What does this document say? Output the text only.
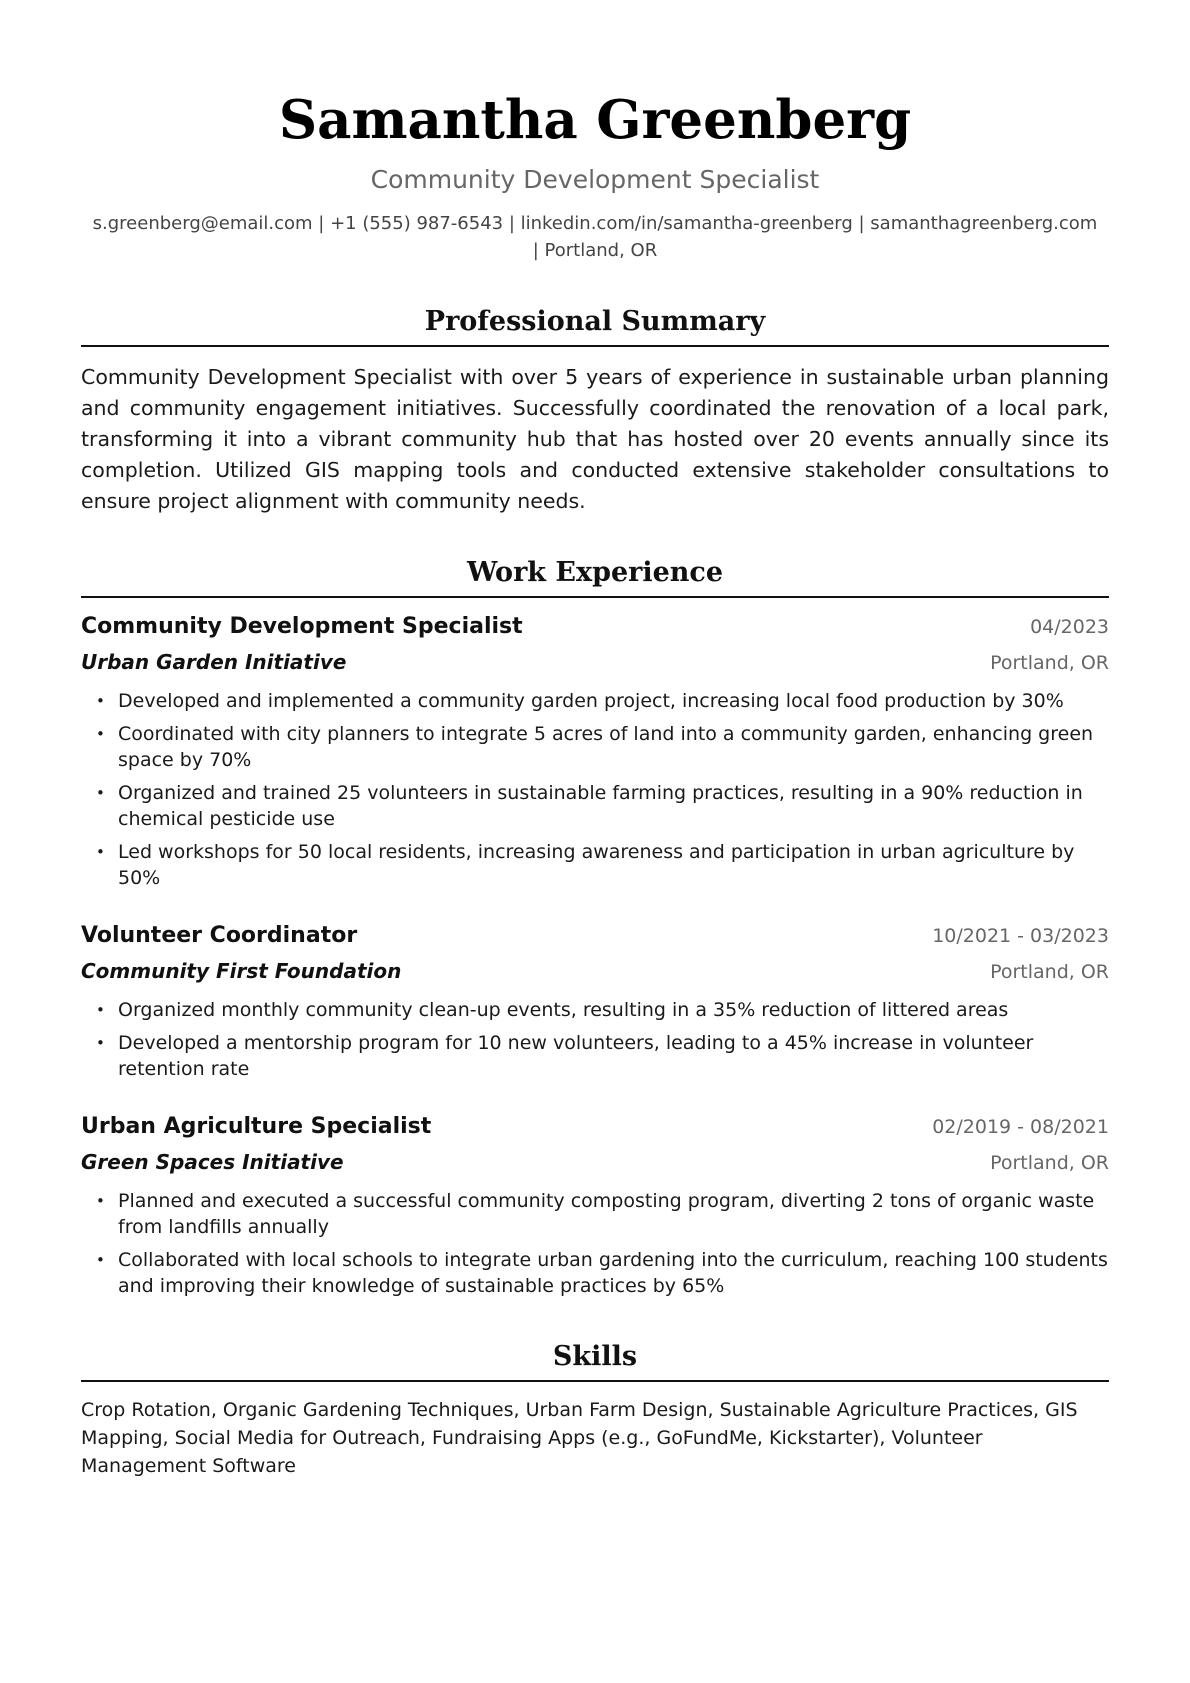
Samantha Greenberg
Community Development Specialist
s.greenberg@email.com | +1 (555) 987-6543 | linkedin.com/in/samantha-greenberg | samanthagreenberg.com
| Portland, OR
Professional Summary
Community Development Specialist with over 5 years of experience in sustainable urban planning and community engagement initiatives. Successfully coordinated the renovation of a local park, transforming it into a vibrant community hub that has hosted over 20 events annually since its completion. Utilized GIS mapping tools and conducted extensive stakeholder consultations to ensure project alignment with community needs.
Work Experience
Community Development Specialist	04/2023
Urban Garden Initiative	Portland, OR
• Developed and implemented a community garden project, increasing local food production by 30%
• Coordinated with city planners to integrate 5 acres of land into a community garden, enhancing green space by 70%
• Organized and trained 25 volunteers in sustainable farming practices, resulting in a 90% reduction in chemical pesticide use
• Led workshops for 50 local residents, increasing awareness and participation in urban agriculture by 50%
Volunteer Coordinator	10/2021 - 03/2023
Community First Foundation	Portland, OR
• Organized monthly community clean-up events, resulting in a 35% reduction of littered areas
• Developed a mentorship program for 10 new volunteers, leading to a 45% increase in volunteer retention rate
Urban Agriculture Specialist	02/2019 - 08/2021
Green Spaces Initiative	Portland, OR
• Planned and executed a successful community composting program, diverting 2 tons of organic waste from landfills annually
• Collaborated with local schools to integrate urban gardening into the curriculum, reaching 100 students and improving their knowledge of sustainable practices by 65%
Skills
Crop Rotation, Organic Gardening Techniques, Urban Farm Design, Sustainable Agriculture Practices, GIS Mapping, Social Media for Outreach, Fundraising Apps (e.g., GoFundMe, Kickstarter), Volunteer Management Software
